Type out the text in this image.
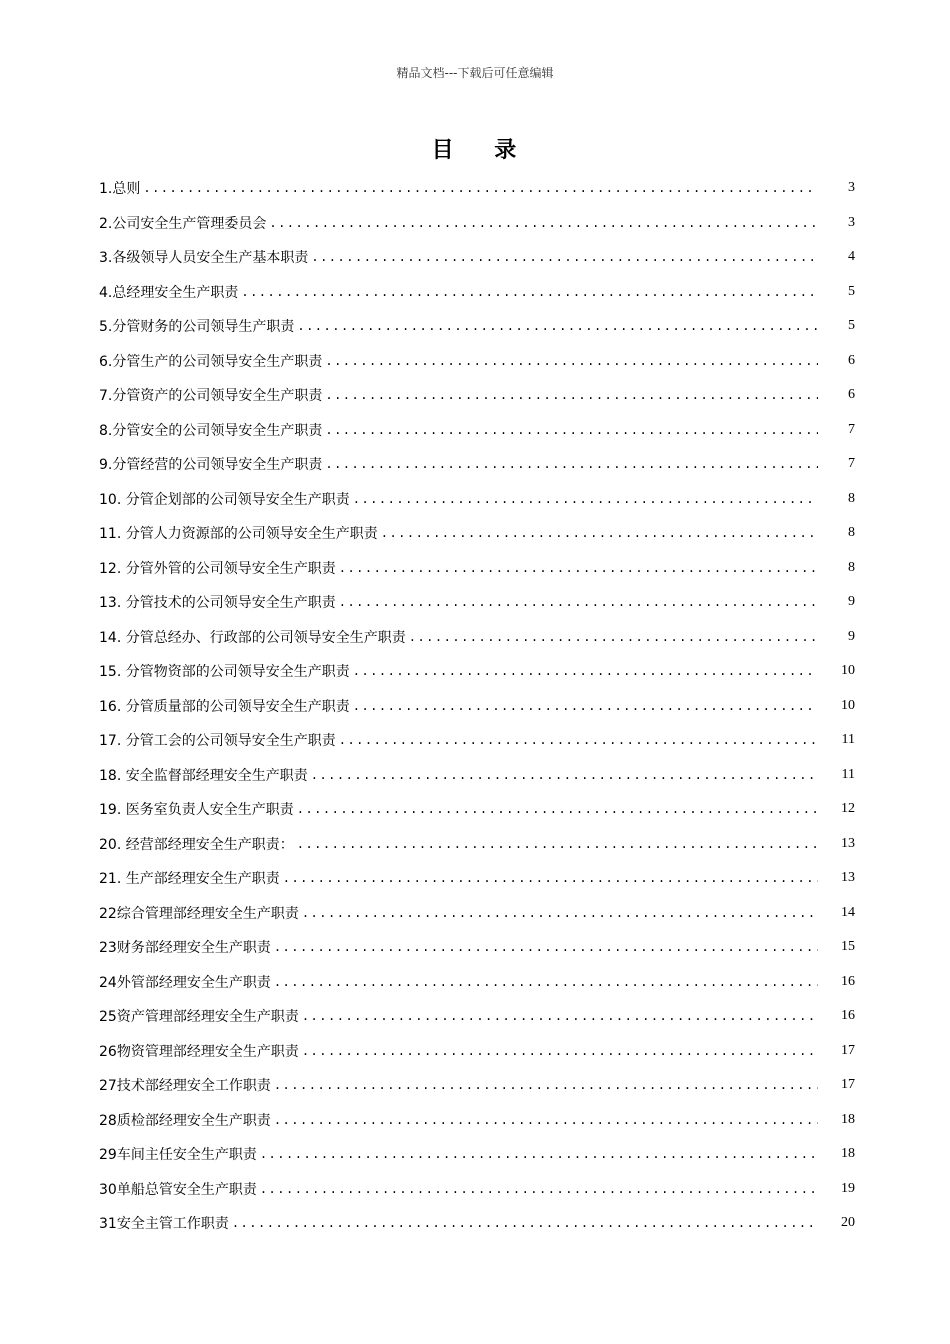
精品文档---下载后可任意编辑
目    录
1.总则 .....	3
2.公司安全生产管理委员会 .....	3
3.各级领导人员安全生产基本职责 .....	4
4.总经理安全生产职责 .....	5
5.分管财务的公司领导生产职责 .....	5
6.分管生产的公司领导安全生产职责 .....	6
7.分管资产的公司领导安全生产职责 .....	6
8.分管安全的公司领导安全生产职责 .....	7
9.分管经营的公司领导安全生产职责 .....	7
10. 分管企划部的公司领导安全生产职责 .....	8
11. 分管人力资源部的公司领导安全生产职责 .....	8
12. 分管外管的公司领导安全生产职责 .....	8
13. 分管技术的公司领导安全生产职责 .....	9
14. 分管总经办、行政部的公司领导安全生产职责 .....	9
15. 分管物资部的公司领导安全生产职责 .....	10
16. 分管质量部的公司领导安全生产职责 .....	10
17. 分管工会的公司领导安全生产职责 .....	11
18. 安全监督部经理安全生产职责 .....	11
19. 医务室负责人安全生产职责 .....	12
20. 经营部经理安全生产职责： .....	13
21. 生产部经理安全生产职责 .....	13
22综合管理部经理安全生产职责 .....	14
23财务部经理安全生产职责 .....	15
24外管部经理安全生产职责 .....	16
25资产管理部经理安全生产职责 .....	16
26物资管理部经理安全生产职责 .....	17
27技术部经理安全工作职责 .....	17
28质检部经理安全生产职责 .....	18
29车间主任安全生产职责 .....	18
30单船总管安全生产职责 .....	19
31安全主管工作职责 .....	20
